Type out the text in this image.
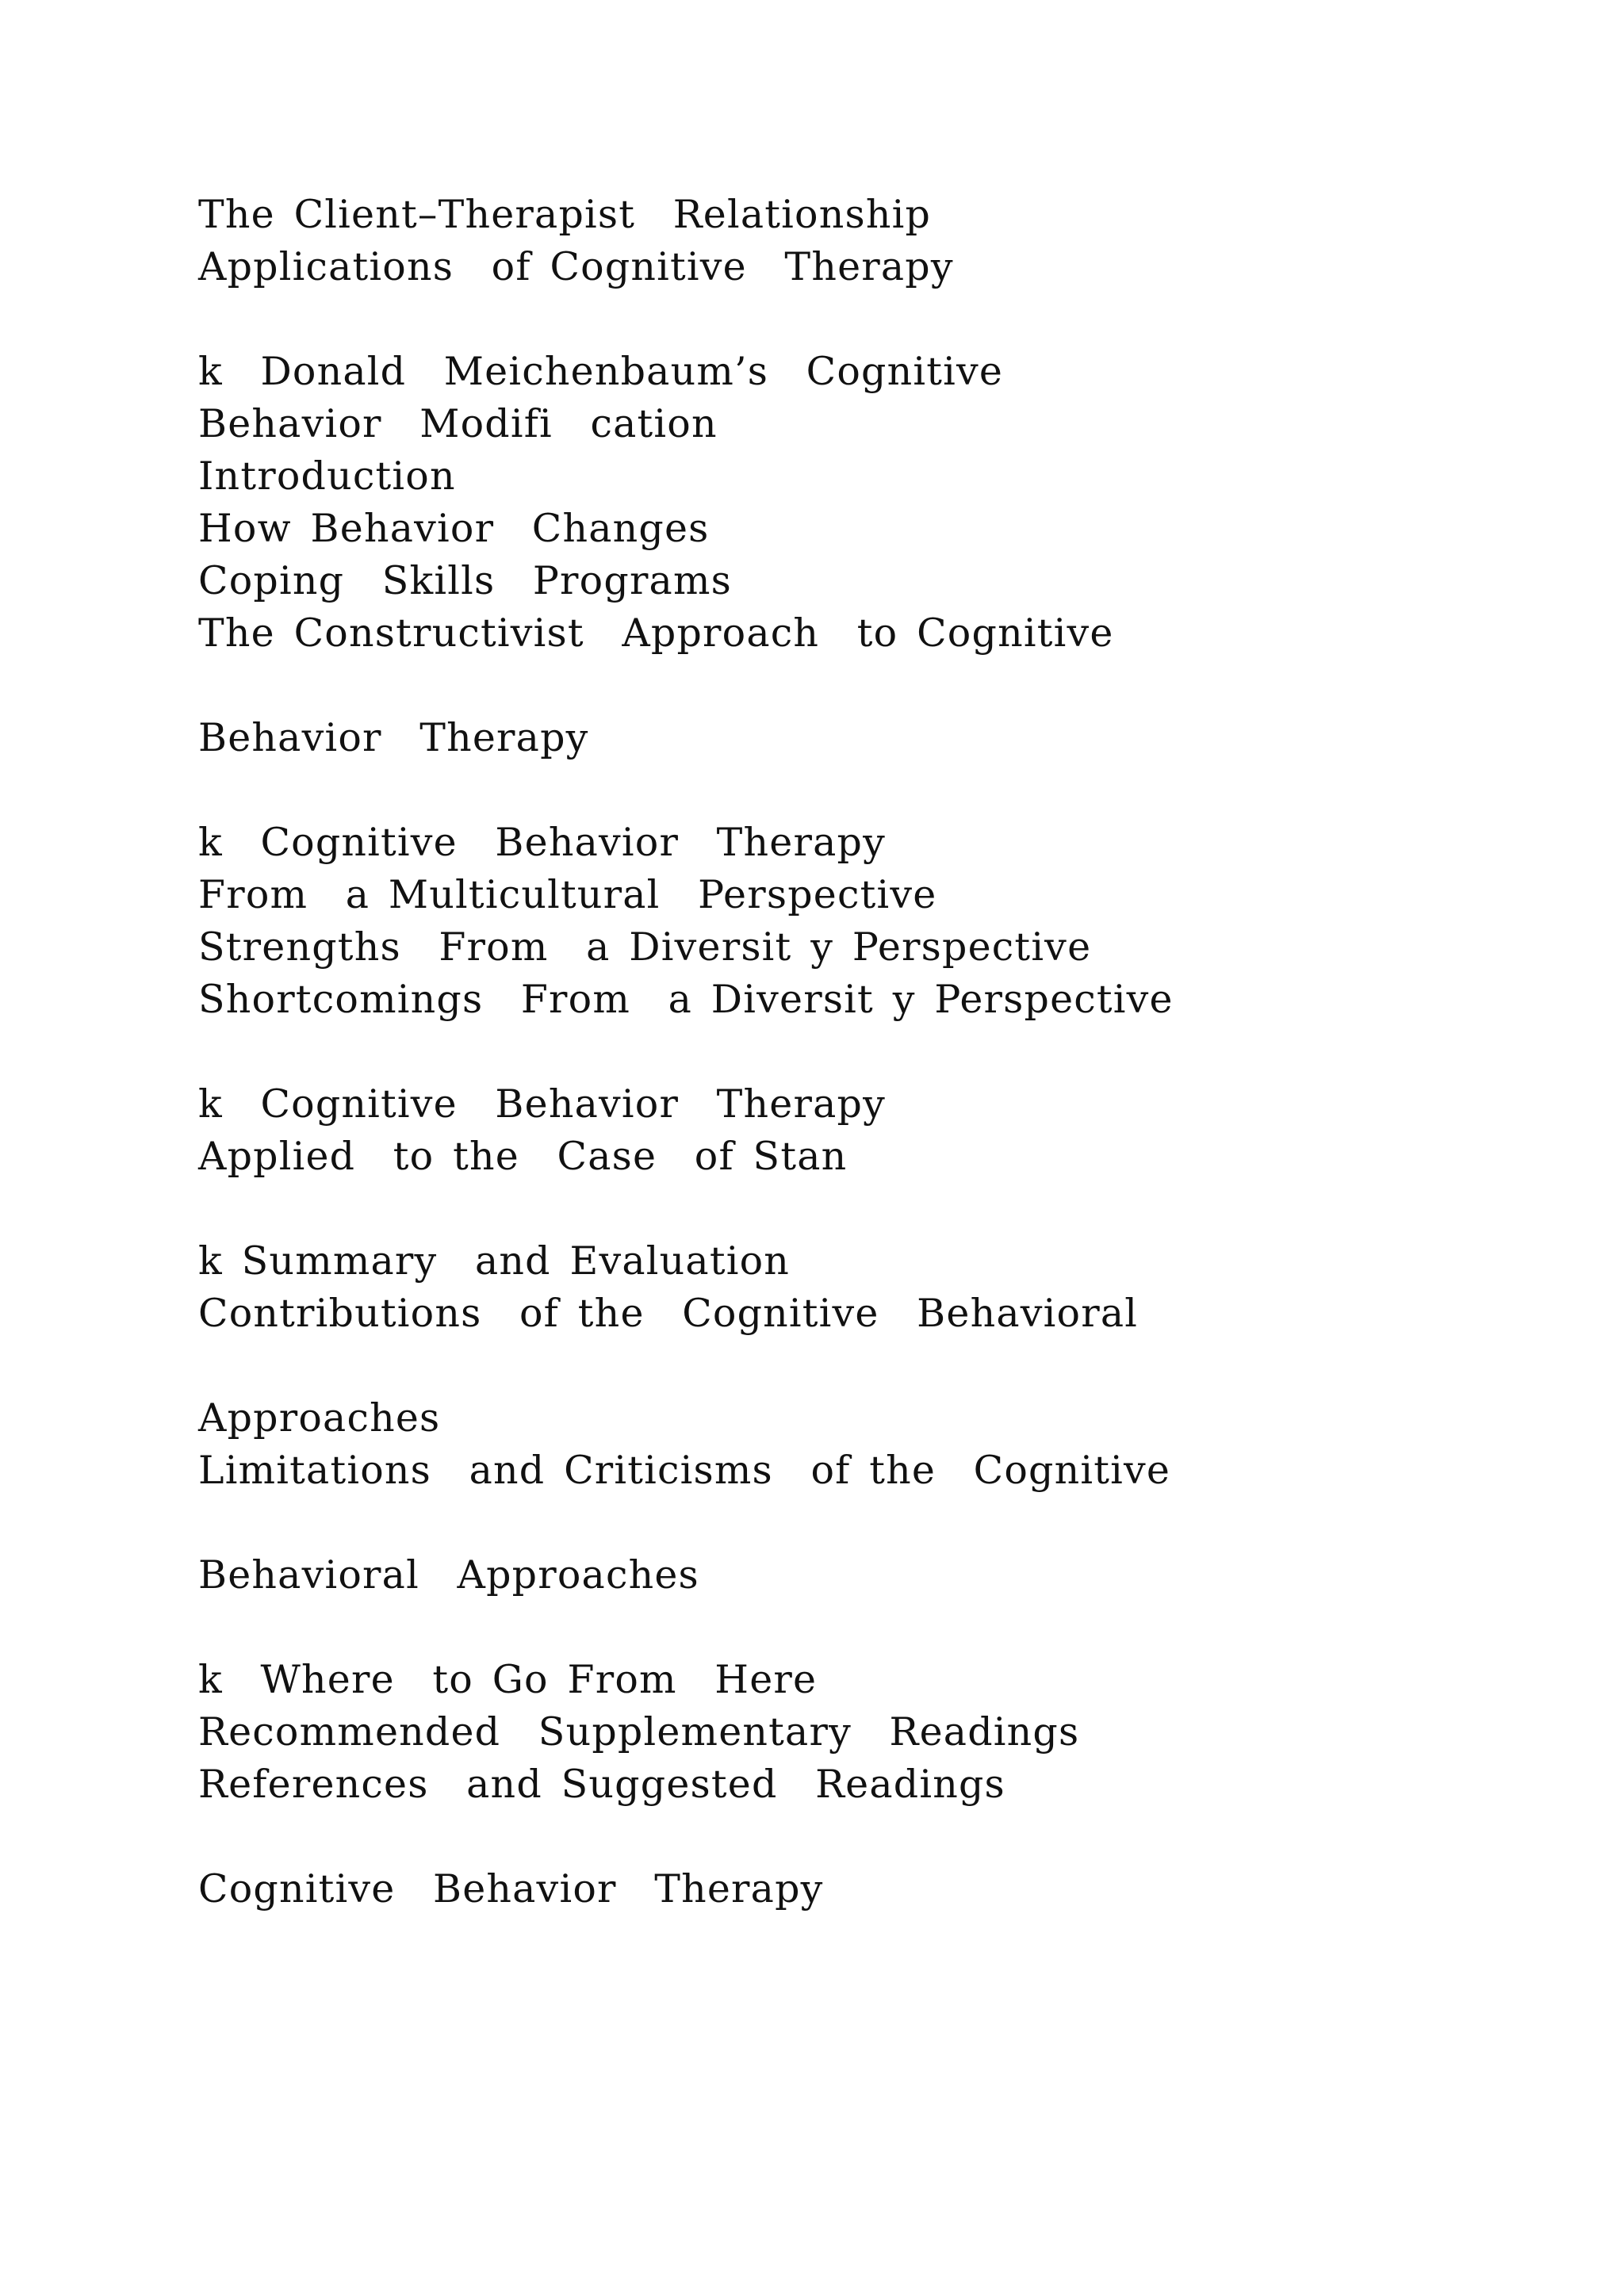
The Client–Therapist  Relationship
Applications  of Cognitive  Therapy
k  Donald  Meichenbaum’s  Cognitive
Behavior  Modifi  cation
Introduction
How Behavior  Changes
Coping  Skills  Programs
The Constructivist  Approach  to Cognitive
Behavior  Therapy
k  Cognitive  Behavior  Therapy
From  a Multicultural  Perspective
Strengths  From  a Diversit y Perspective
Shortcomings  From  a Diversit y Perspective
k  Cognitive  Behavior  Therapy
Applied  to the  Case  of Stan
k Summary  and Evaluation
Contributions  of the  Cognitive  Behavioral
Approaches
Limitations  and Criticisms  of the  Cognitive
Behavioral  Approaches
k  Where  to Go From  Here
Recommended  Supplementary  Readings
References  and Suggested  Readings
Cognitive  Behavior  Therapy
